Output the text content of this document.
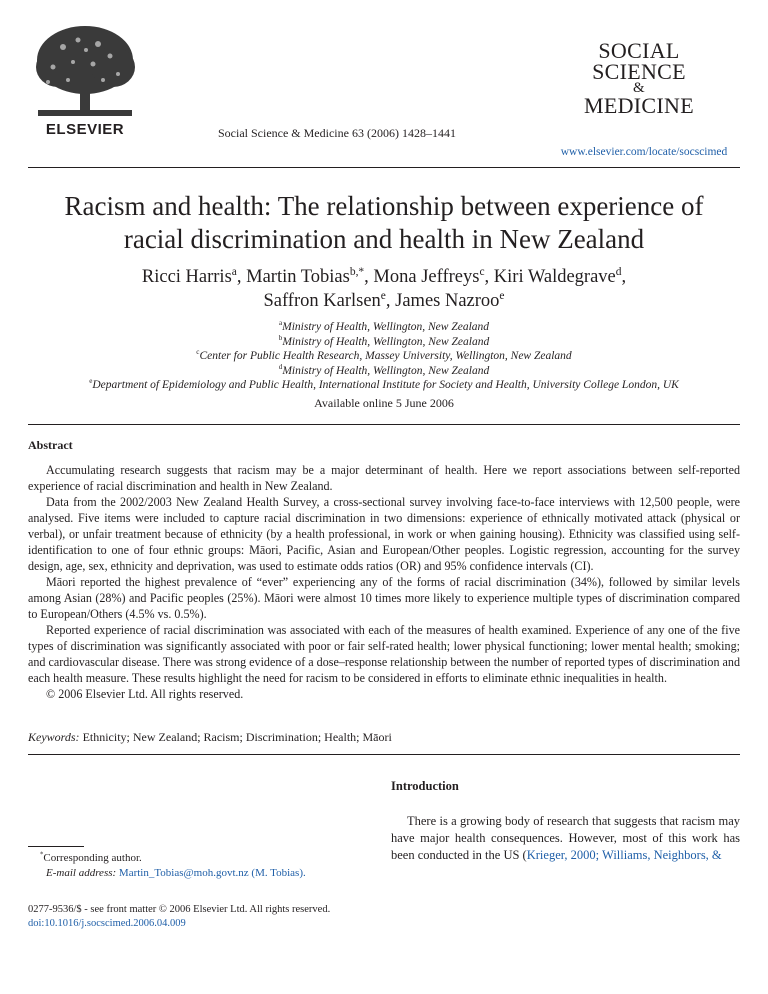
ELSEVIER	Social Science & Medicine 63 (2006) 1428–1441
SOCIAL
SCIENCE
&
MEDICINE
www.elsevier.com/locate/socscimed
Racism and health: The relationship between experience of racial discrimination and health in New Zealand
Ricci Harris$^a$, Martin Tobias$^{b,*}$, Mona Jeffreys$^c$, Kiri Waldegrave$^d$,
Saffron Karlsen$^e$, James Nazroo$^e$
$^a$Ministry of Health, Wellington, New Zealand
$^b$Ministry of Health, Wellington, New Zealand
$^c$Center for Public Health Research, Massey University, Wellington, New Zealand
$^d$Ministry of Health, Wellington, New Zealand
$^e$Department of Epidemiology and Public Health, International Institute for Society and Health, University College London, UK
Available online 5 June 2006
Abstract

Accumulating research suggests that racism may be a major determinant of health. Here we report associations between self-reported experience of racial discrimination and health in New Zealand.

Data from the 2002/2003 New Zealand Health Survey, a cross-sectional survey involving face-to-face interviews with 12,500 people, were analysed. Five items were included to capture racial discrimination in two dimensions: experience of ethnically motivated attack (physical or verbal), or unfair treatment because of ethnicity (by a health professional, in work or when gaining housing). Ethnicity was classified using self-identification to one of four ethnic groups: Māori, Pacific, Asian and European/Other peoples. Logistic regression, accounting for the survey design, age, sex, ethnicity and deprivation, was used to estimate odds ratios (OR) and 95% confidence intervals (CI).

Māori reported the highest prevalence of “ever” experiencing any of the forms of racial discrimination (34%), followed by similar levels among Asian (28%) and Pacific peoples (25%). Māori were almost 10 times more likely to experience multiple types of discrimination compared to European/Others (4.5% vs. 0.5%).

Reported experience of racial discrimination was associated with each of the measures of health examined. Experience of any one of the five types of discrimination was significantly associated with poor or fair self-rated health; lower physical functioning; lower mental health; smoking; and cardiovascular disease. There was strong evidence of a dose–response relationship between the number of reported types of discrimination and each health measure. These results highlight the need for racism to be considered in efforts to eliminate ethnic inequalities in health.

© 2006 Elsevier Ltd. All rights reserved.

Keywords: Ethnicity; New Zealand; Racism; Discrimination; Health; Māori
Introduction

There is a growing body of research that suggests that racism may have major health consequences. However, most of this work has been conducted in the US (Krieger, 2000; Williams, Neighbors, &

*Corresponding author.
E-mail address: Martin_Tobias@moh.govt.nz (M. Tobias).
0277-9536/$ - see front matter © 2006 Elsevier Ltd. All rights reserved.
doi:10.1016/j.socscimed.2006.04.009
